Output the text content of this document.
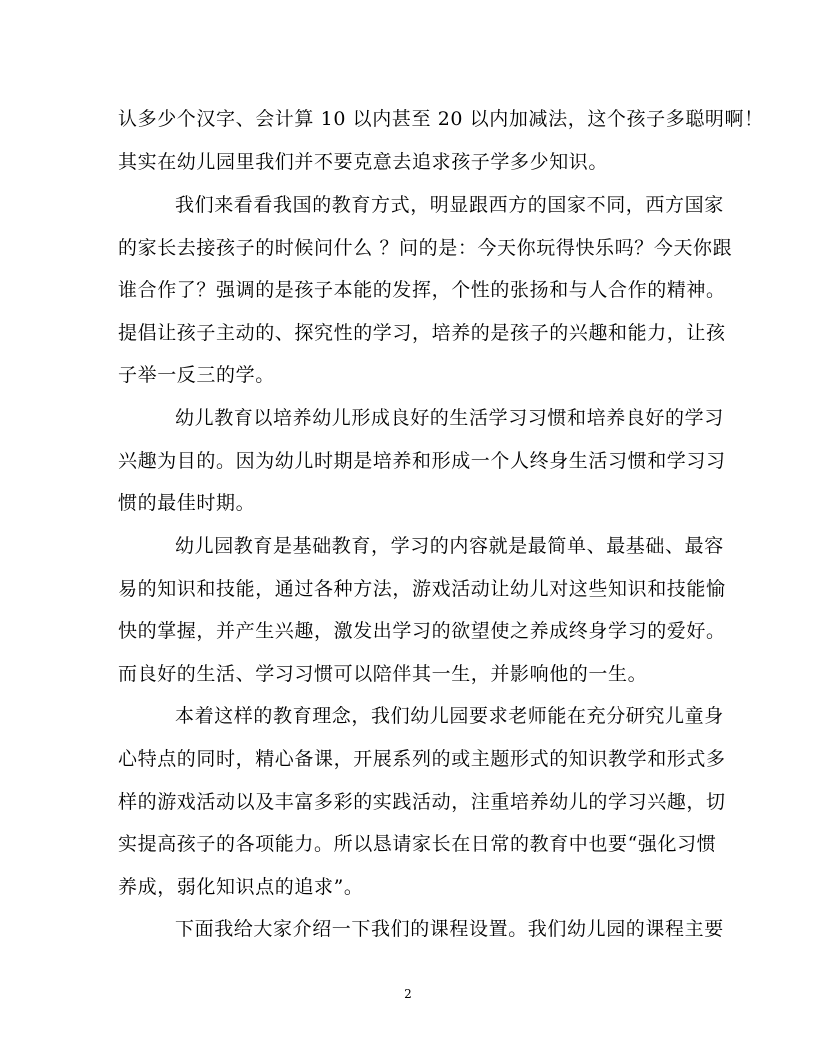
认多少个汉字、会计算 10 以内甚至 20 以内加减法，这个孩子多聪明啊！
其实在幼儿园里我们并不要克意去追求孩子学多少知识。
我们来看看我国的教育方式，明显跟西方的国家不同，西方国家
的家长去接孩子的时候问什么 ？问的是：今天你玩得快乐吗？今天你跟
谁合作了？强调的是孩子本能的发挥，个性的张扬和与人合作的精神。
提倡让孩子主动的、探究性的学习，培养的是孩子的兴趣和能力，让孩
子举一反三的学。
幼儿教育以培养幼儿形成良好的生活学习习惯和培养良好的学习
兴趣为目的。因为幼儿时期是培养和形成一个人终身生活习惯和学习习
惯的最佳时期。
幼儿园教育是基础教育，学习的内容就是最简单、最基础、最容
易的知识和技能，通过各种方法，游戏活动让幼儿对这些知识和技能愉
快的掌握，并产生兴趣，激发出学习的欲望使之养成终身学习的爱好。
而良好的生活、学习习惯可以陪伴其一生，并影响他的一生。
本着这样的教育理念，我们幼儿园要求老师能在充分研究儿童身
心特点的同时，精心备课，开展系列的或主题形式的知识教学和形式多
样的游戏活动以及丰富多彩的实践活动，注重培养幼儿的学习兴趣，切
实提高孩子的各项能力。所以恳请家长在日常的教育中也要“强化习惯
养成，弱化知识点的追求”。
下面我给大家介绍一下我们的课程设置。我们幼儿园的课程主要
2
